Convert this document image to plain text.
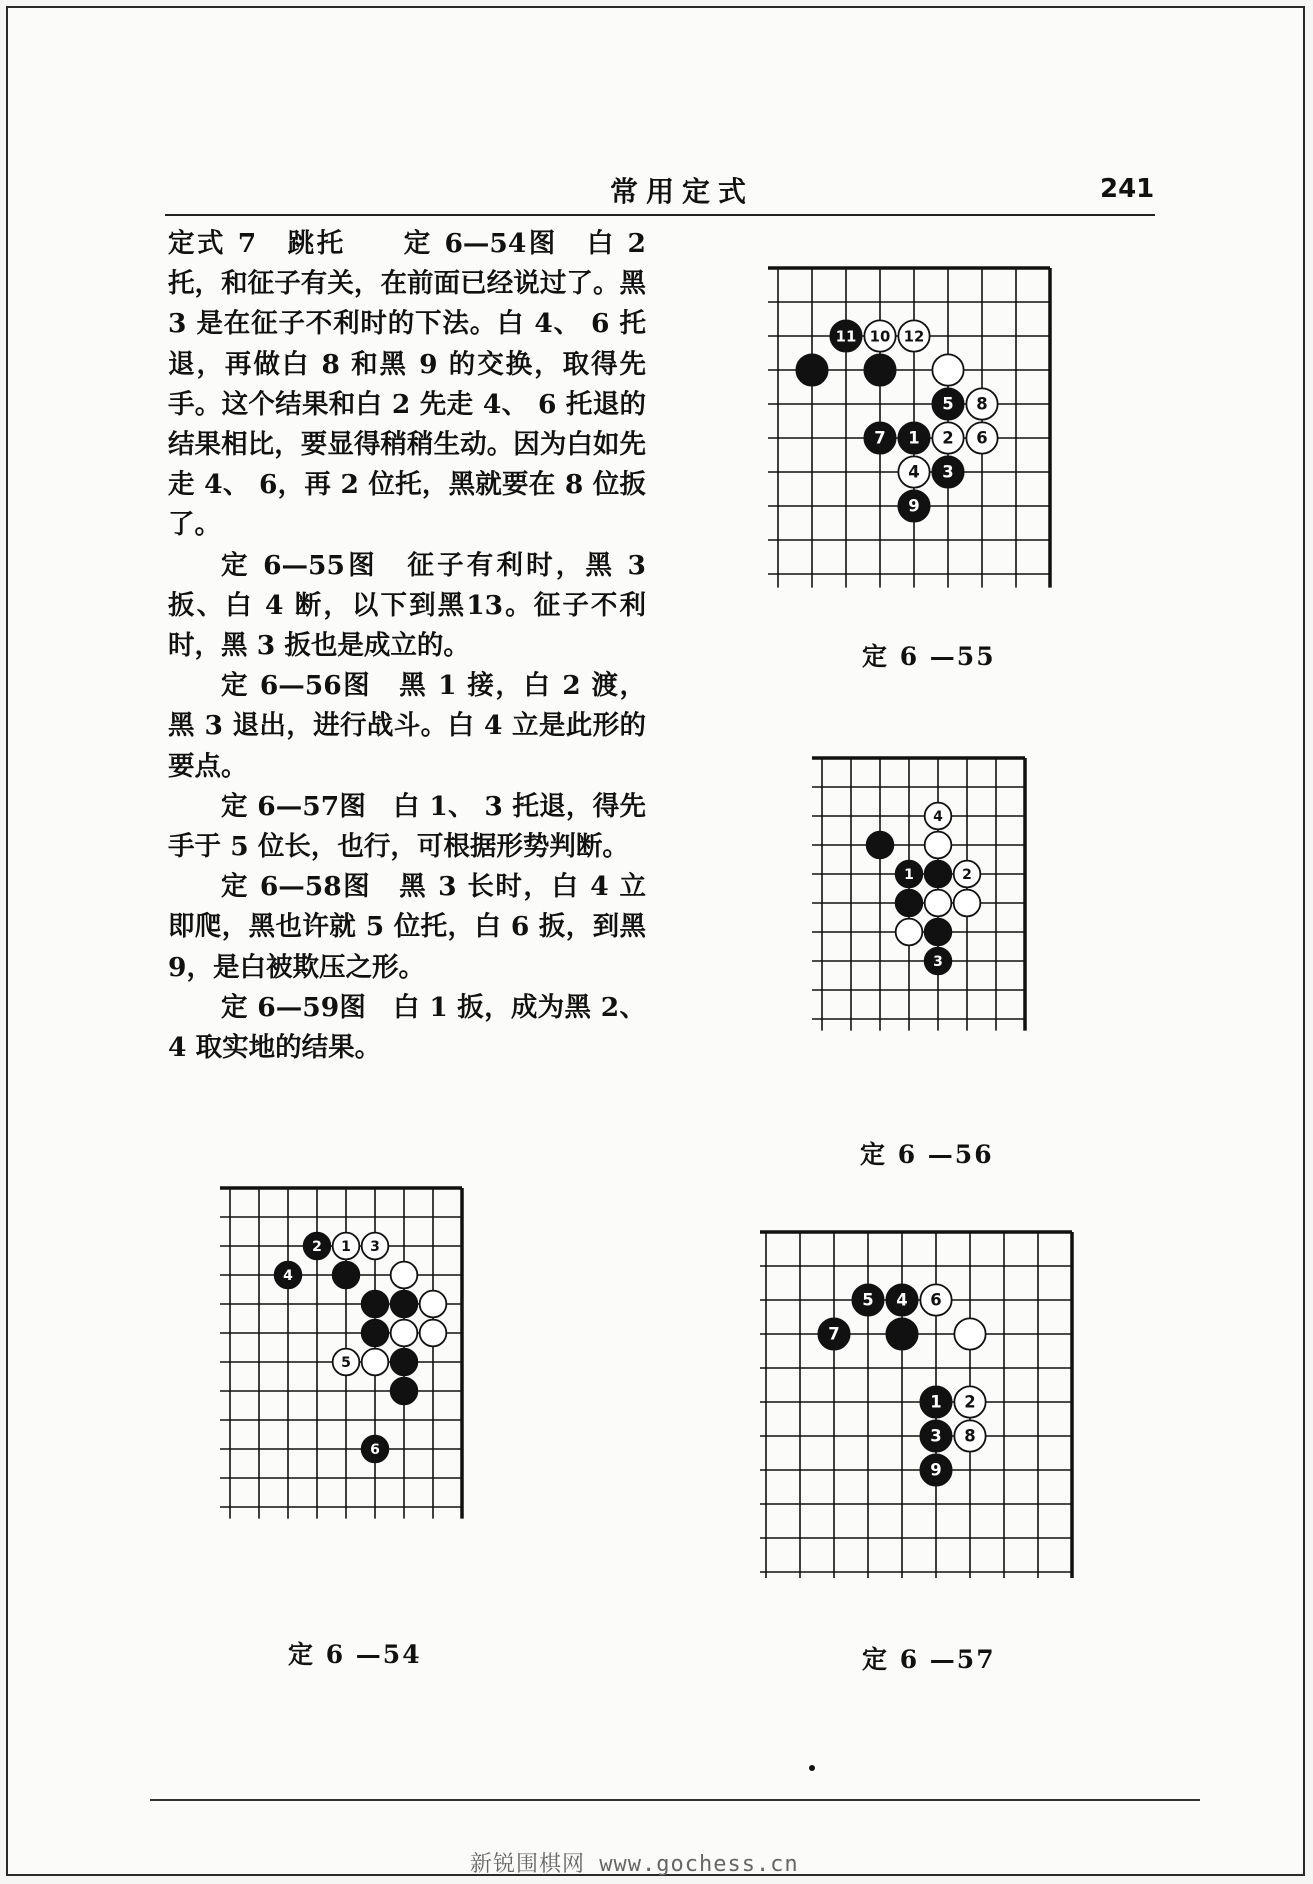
常用定式	241

定式 7　跳托　　定 6—54图　白 2 托，和征子有关，在前面已经说过了。黑 3 是在征子不利时的下法。白 4、 6 托退，再做白 8 和黑 9 的交换，取得先手。这个结果和白 2 先走 4、 6 托退的结果相比，要显得稍稍生动。因为白如先走 4、 6，再 2 位托，黑就要在 8 位扳了。

定 6—55图　征子有利时，黑 3 扳、白 4 断，以下到黑13。征子不利时，黑 3 扳也是成立的。

定 6—56图　黑 1 接，白 2 渡，黑 3 退出，进行战斗。白 4 立是此形的要点。

定 6—57图　白 1、 3 托退，得先手于 5 位长，也行，可根据形势判断。

定 6—58图　黑 3 长时，白 4 立即爬，黑也许就 5 位托，白 6 扳，到黑 9，是白被欺压之形。

定 6—59图　白 1 扳，成为黑 2、 4 取实地的结果。

11 10 12
5 8
7 1 2 6
4 3
9
定 6 —55
4
1	2
3
定 6 —56
2 1 3
4
5
6
定 6 —54
5 4 6
7
1 2
3 8
9
定 6 —57
新锐围棋网 www.gochess.cn
